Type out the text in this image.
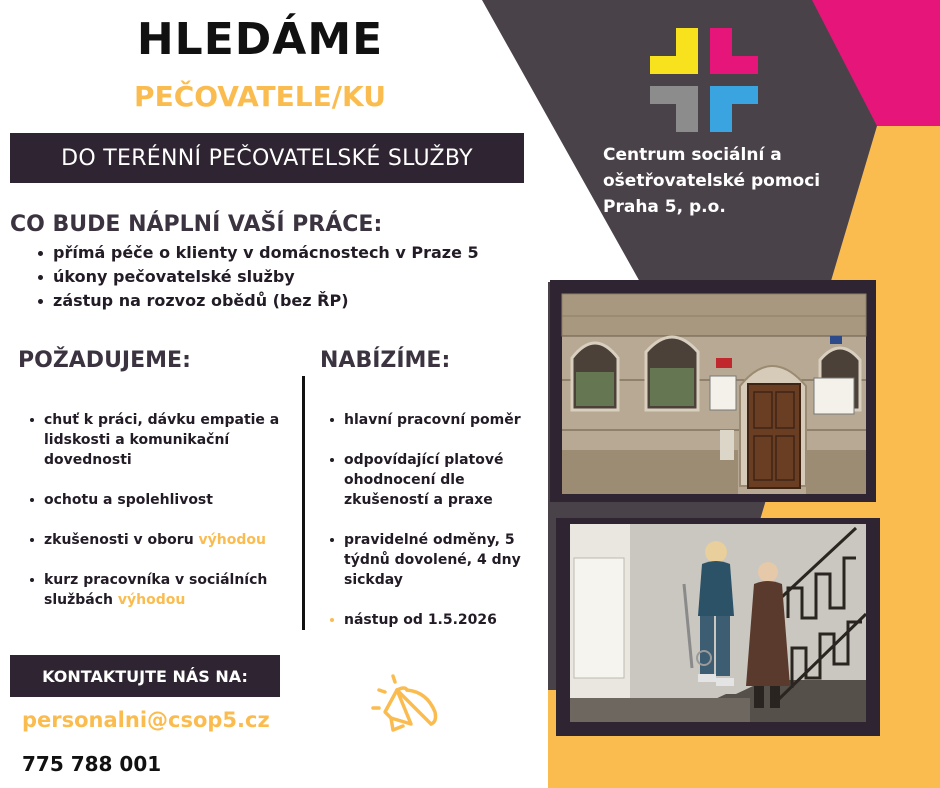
HLEDÁME
PEČOVATELE/KU
DO TERÉNNÍ PEČOVATELSKÉ SLUŽBY
CO BUDE NÁPLNÍ VAŠÍ PRÁCE:
přímá péče o klienty v domácnostech v Praze 5
úkony pečovatelské služby
zástup na rozvoz obědů (bez ŘP)
POŽADUJEME:	NABÍZÍME:
chuť k práci, dávku empatie a
lidskosti a komunikační
dovednosti
ochotu a spolehlivost
zkušenosti v oboru výhodou
kurz pracovníka v sociálních
službách výhodou
hlavní pracovní poměr
odpovídající platové
ohodnocení dle
zkušeností a praxe
pravidelné odměny, 5
týdnů dovolené, 4 dny
sickday
nástup od 1.5.2026
KONTAKTUJTE NÁS NA:
personalni@csop5.cz
775 788 001
Centrum sociální a
ošetřovatelské pomoci
Praha 5, p.o.
